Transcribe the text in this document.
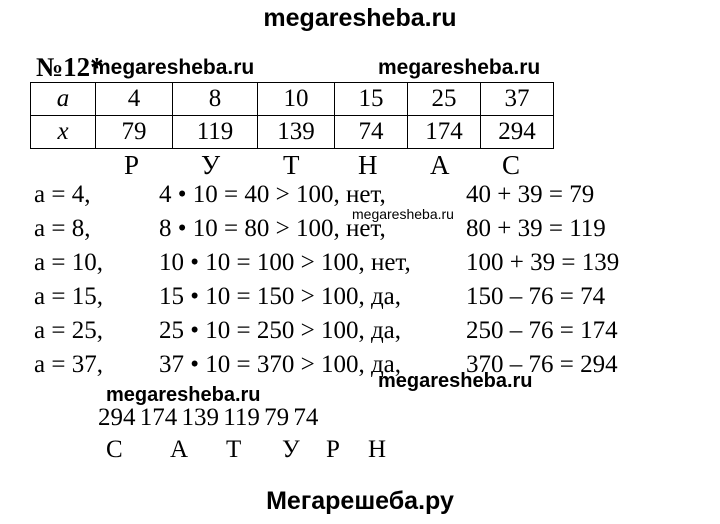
megaresheba.ru
№12*
megaresheba.ru	megaresheba.ru
a	4	8	10	15	25	37
x	79	119	139	74	174	294
Р У Т Н А С
a = 4,	4 • 10 = 40 > 100, нет,	40 + 39 = 79
a = 8,	8 • 10 = 80 > 100, нет,	80 + 39 = 119
a = 10, 10 • 10 = 100 > 100, нет, 100 + 39 = 139
a = 15, 15 • 10 = 150 > 100, да,	150 – 76 = 74
a = 25, 25 • 10 = 250 > 100, да,	250 – 76 = 174
a = 37, 37 • 10 = 370 > 100, да,	370 – 76 = 294
megaresheba.ru
megaresheba.ru
megaresheba.ru
294 174 139 119 79 74
С А Т У Р Н
Мегарешеба.ру
